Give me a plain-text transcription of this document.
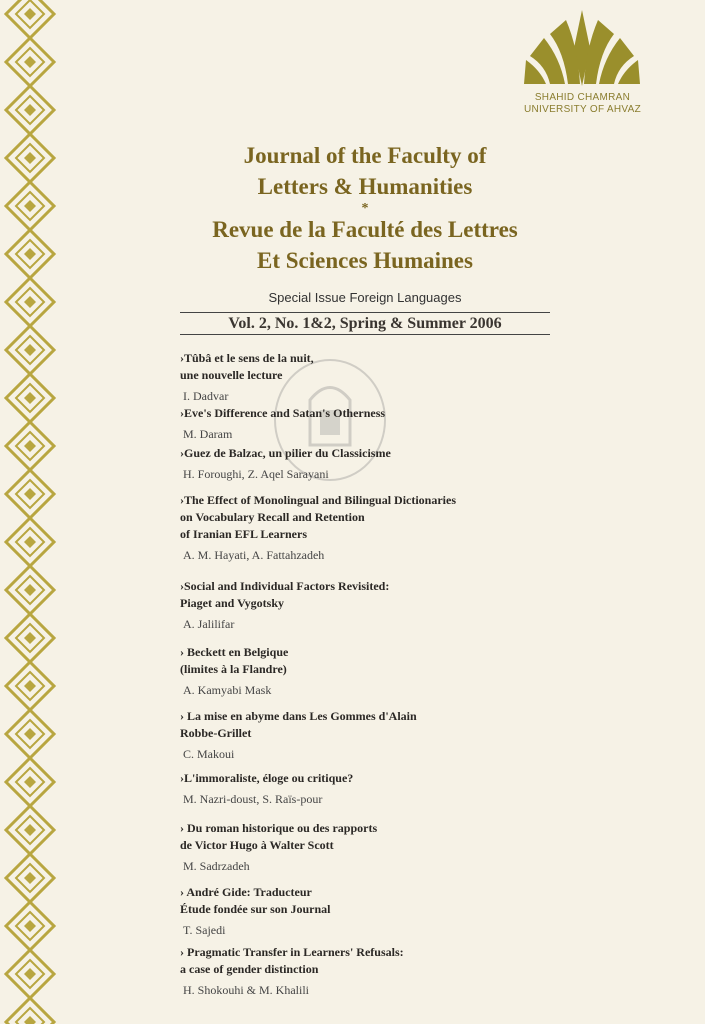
SHAHID CHAMRAN
UNIVERSITY OF AHVAZ
Journal of the Faculty of
Letters & Humanities
*
Revue de la Faculté des Lettres
Et Sciences Humaines
Special Issue Foreign Languages
Vol. 2, No. 1&2, Spring & Summer 2006
›Tûbâ et le sens de la nuit,
une nouvelle lecture
I. Dadvar
›Eve's Difference and Satan's Otherness
M. Daram
›Guez de Balzac, un pilier du Classicisme
H. Foroughi, Z. Aqel Sarayani
›The Effect of Monolingual and Bilingual Dictionaries
on Vocabulary Recall and Retention
of Iranian EFL Learners
A. M. Hayati, A. Fattahzadeh
›Social and Individual Factors Revisited:
Piaget and Vygotsky
A. Jalilifar
› Beckett en Belgique
(limites à la Flandre)
A. Kamyabi Mask
› La mise en abyme dans Les Gommes d'Alain
Robbe-Grillet
C. Makoui
›L'immoraliste, éloge ou critique?
M. Nazri-doust, S. Raïs-pour
› Du roman historique ou des rapports
de Victor Hugo à Walter Scott
M. Sadrzadeh
› André Gide: Traducteur
Étude fondée sur son Journal
T. Sajedi
› Pragmatic Transfer in Learners' Refusals:
a case of gender distinction
H. Shokouhi & M. Khalili
